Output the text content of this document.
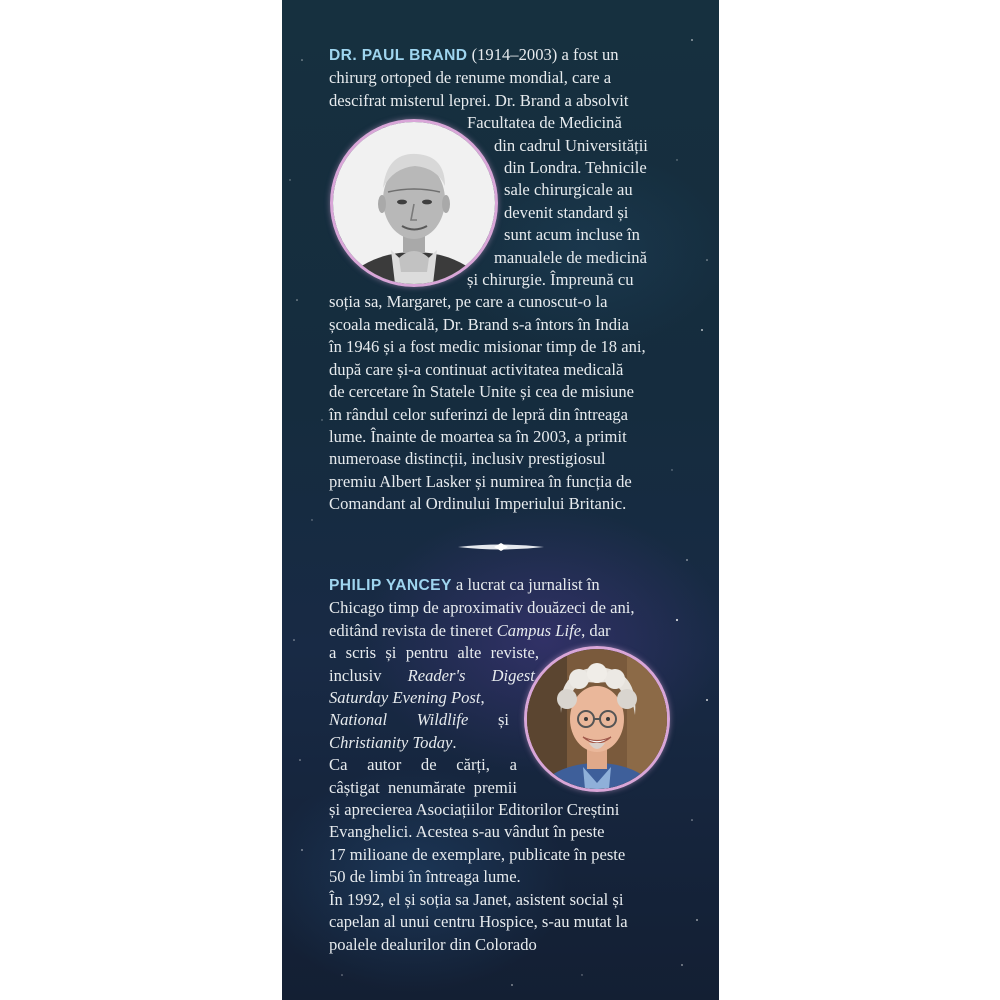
DR. PAUL BRAND (1914–2003) a fost un
chirurg ortoped de renume mondial, care a
descifrat misterul leprei. Dr. Brand a absolvit
Facultatea de Medicină
din cadrul Universității
din Londra. Tehnicile
sale chirurgicale au
devenit standard și
sunt acum incluse în
manualele de medicină
și chirurgie. Împreună cu
soția sa, Margaret, pe care a cunoscut-o la
școala medicală, Dr. Brand s-a întors în India
în 1946 și a fost medic misionar timp de 18 ani,
după care și-a continuat activitatea medicală
de cercetare în Statele Unite și cea de misiune
în rândul celor suferinzi de lepră din întreaga
lume. Înainte de moartea sa în 2003, a primit
numeroase distincții, inclusiv prestigiosul
premiu Albert Lasker și numirea în funcția de
Comandant al Ordinului Imperiului Britanic.
PHILIP YANCEY a lucrat ca jurnalist în
Chicago timp de aproximativ douăzeci de ani,
editând revista de tineret Campus Life, dar
a scris și pentru alte reviste,
inclusiv Reader's Digest,
Saturday Evening Post,
National Wildlife și
Christianity Today.
Ca autor de cărți, a
câștigat nenumărate premii
și aprecierea Asociațiilor Editorilor Creștini
Evanghelici. Acestea s-au vândut în peste
17 milioane de exemplare, publicate în peste
50 de limbi în întreaga lume.
În 1992, el și soția sa Janet, asistent social și
capelan al unui centru Hospice, s-au mutat la
poalele dealurilor din Colorado
